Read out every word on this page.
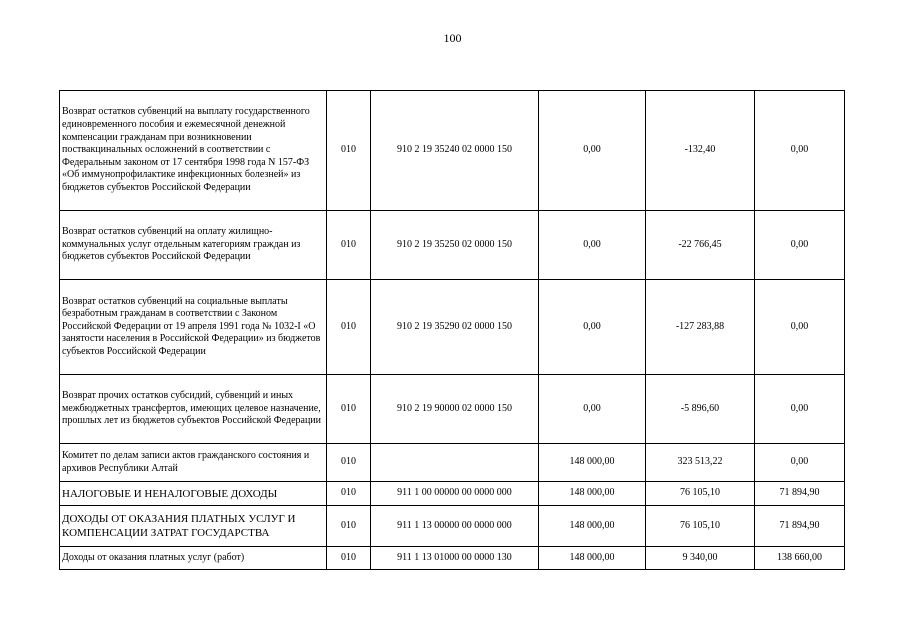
100
Возврат остатков субвенций на выплату государственного единовременного пособия и ежемесячной денежной компенсации гражданам при возникновении поствакцинальных осложнений в соответствии с Федеральным законом от 17 сентября 1998 года N 157-ФЗ «Об иммунопрофилактике инфекционных болезней» из бюджетов субъектов Российской Федерации	010	910 2 19 35240 02 0000 150	0,00	-132,40	0,00
Возврат остатков субвенций на оплату жилищно-коммунальных услуг отдельным категориям граждан из бюджетов субъектов Российской Федерации	010	910 2 19 35250 02 0000 150	0,00	-22 766,45	0,00
Возврат остатков субвенций на социальные выплаты безработным гражданам в соответствии с Законом Российской Федерации от 19 апреля 1991 года № 1032-I «О занятости населения в Российской Федерации» из бюджетов субъектов Российской Федерации	010	910 2 19 35290 02 0000 150	0,00	-127 283,88	0,00
Возврат прочих остатков субсидий, субвенций и иных межбюджетных трансфертов, имеющих целевое назначение, прошлых лет из бюджетов субъектов Российской Федерации	010	910 2 19 90000 02 0000 150	0,00	-5 896,60	0,00
Комитет по делам записи актов гражданского состояния и архивов Республики Алтай	010		148 000,00	323 513,22	0,00
НАЛОГОВЫЕ И НЕНАЛОГОВЫЕ ДОХОДЫ	010	911 1 00 00000 00 0000 000	148 000,00	76 105,10	71 894,90
ДОХОДЫ ОТ ОКАЗАНИЯ ПЛАТНЫХ УСЛУГ И КОМПЕНСАЦИИ ЗАТРАТ ГОСУДАРСТВА	010	911 1 13 00000 00 0000 000	148 000,00	76 105,10	71 894,90
Доходы от оказания платных услуг (работ)	010	911 1 13 01000 00 0000 130	148 000,00	9 340,00	138 660,00
